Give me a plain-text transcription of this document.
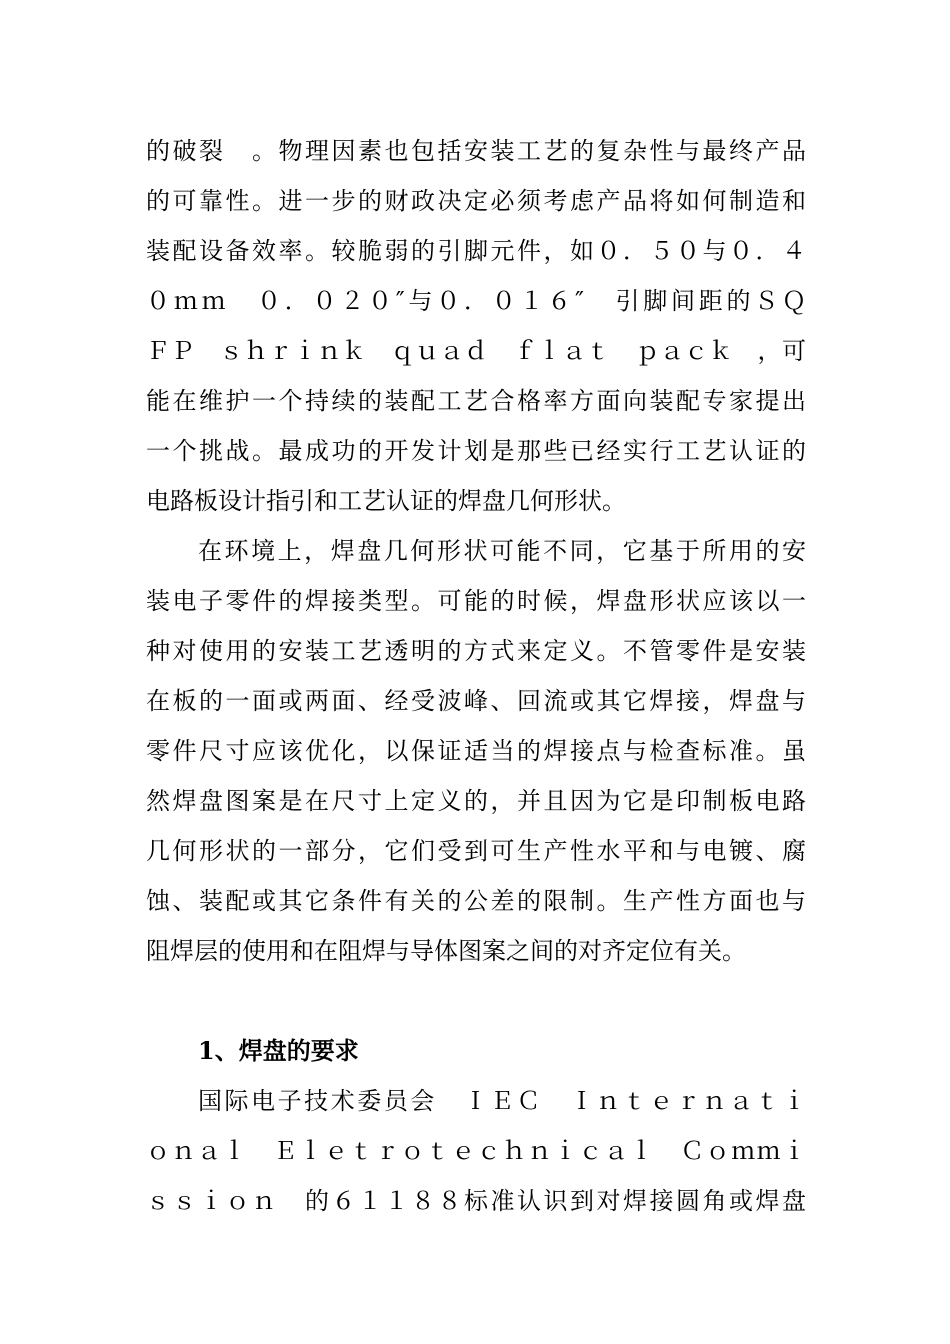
的破裂　。物理因素也包括安装工艺的复杂性与最终产品
的可靠性。进一步的财政决定必须考虑产品将如何制造和
装配设备效率。较脆弱的引脚元件，如０．５０与０．４
０ｍｍ　０．０２０″与０．０１６″　引脚间距的ＳＱ
ＦＰ　ｓｈｒｉｎｋ　ｑｕａｄ　ｆｌａｔ　ｐａｃｋ　，可
能在维护一个持续的装配工艺合格率方面向装配专家提出
一个挑战。最成功的开发计划是那些已经实行工艺认证的
电路板设计指引和工艺认证的焊盘几何形状。
在环境上，焊盘几何形状可能不同，它基于所用的安
装电子零件的焊接类型。可能的时候，焊盘形状应该以一
种对使用的安装工艺透明的方式来定义。不管零件是安装
在板的一面或两面、经受波峰、回流或其它焊接，焊盘与
零件尺寸应该优化，以保证适当的焊接点与检查标准。虽
然焊盘图案是在尺寸上定义的，并且因为它是印制板电路
几何形状的一部分，它们受到可生产性水平和与电镀、腐
蚀、装配或其它条件有关的公差的限制。生产性方面也与
阻焊层的使用和在阻焊与导体图案之间的对齐定位有关。
1、焊盘的要求
国际电子技术委员会　ＩＥＣ　Ｉｎｔｅｒｎａｔｉ
ｏｎａｌ　Ｅｌｅｔｒｏｔｅｃｈｎｉｃａｌ　Ｃｏｍｍｉ
ｓｓｉｏｎ　的６１１８８标准认识到对焊接圆角或焊盘
